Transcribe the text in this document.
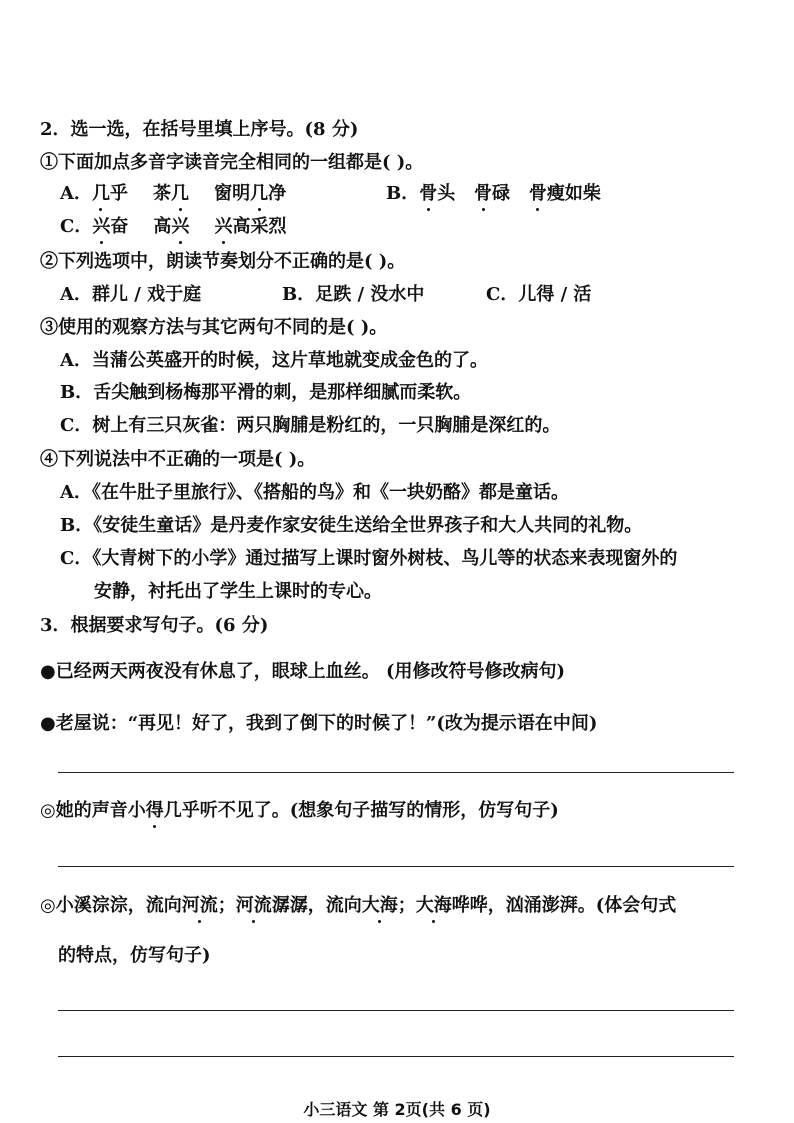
2．选一选，在括号里填上序号。(8 分)
①下面加点多音字读音完全相同的一组都是( )。
A．几乎 茶几 窗明几净	B．骨头 骨碌 骨瘦如柴
C．兴奋 高兴 兴高采烈
②下列选项中，朗读节奏划分不正确的是( )。
A．群儿 / 戏于庭	B．足跌 / 没水中	C．儿得 / 活
③使用的观察方法与其它两句不同的是( )。
A．当蒲公英盛开的时候，这片草地就变成金色的了。
B．舌尖触到杨梅那平滑的刺，是那样细腻而柔软。
C．树上有三只灰雀：两只胸脯是粉红的，一只胸脯是深红的。
④下列说法中不正确的一项是( )。
A．《在牛肚子里旅行》、《搭船的鸟》和《一块奶酪》都是童话。
B．《安徒生童话》是丹麦作家安徒生送给全世界孩子和大人共同的礼物。
C．《大青树下的小学》通过描写上课时窗外树枝、鸟儿等的状态来表现窗外的
安静，衬托出了学生上课时的专心。
3．根据要求写句子。(6 分)
●已经两天两夜没有休息了，眼球上血丝。 (用修改符号修改病句)
●老屋说：“再见！好了，我到了倒下的时候了！”(改为提示语在中间)
◎她的声音小得几乎听不见了。(想象句子描写的情形，仿写句子)
◎小溪淙淙，流向河流；河流潺潺，流向大海；大海哗哗，汹涌澎湃。(体会句式
的特点，仿写句子)
小三语文 第 2页(共 6 页)
